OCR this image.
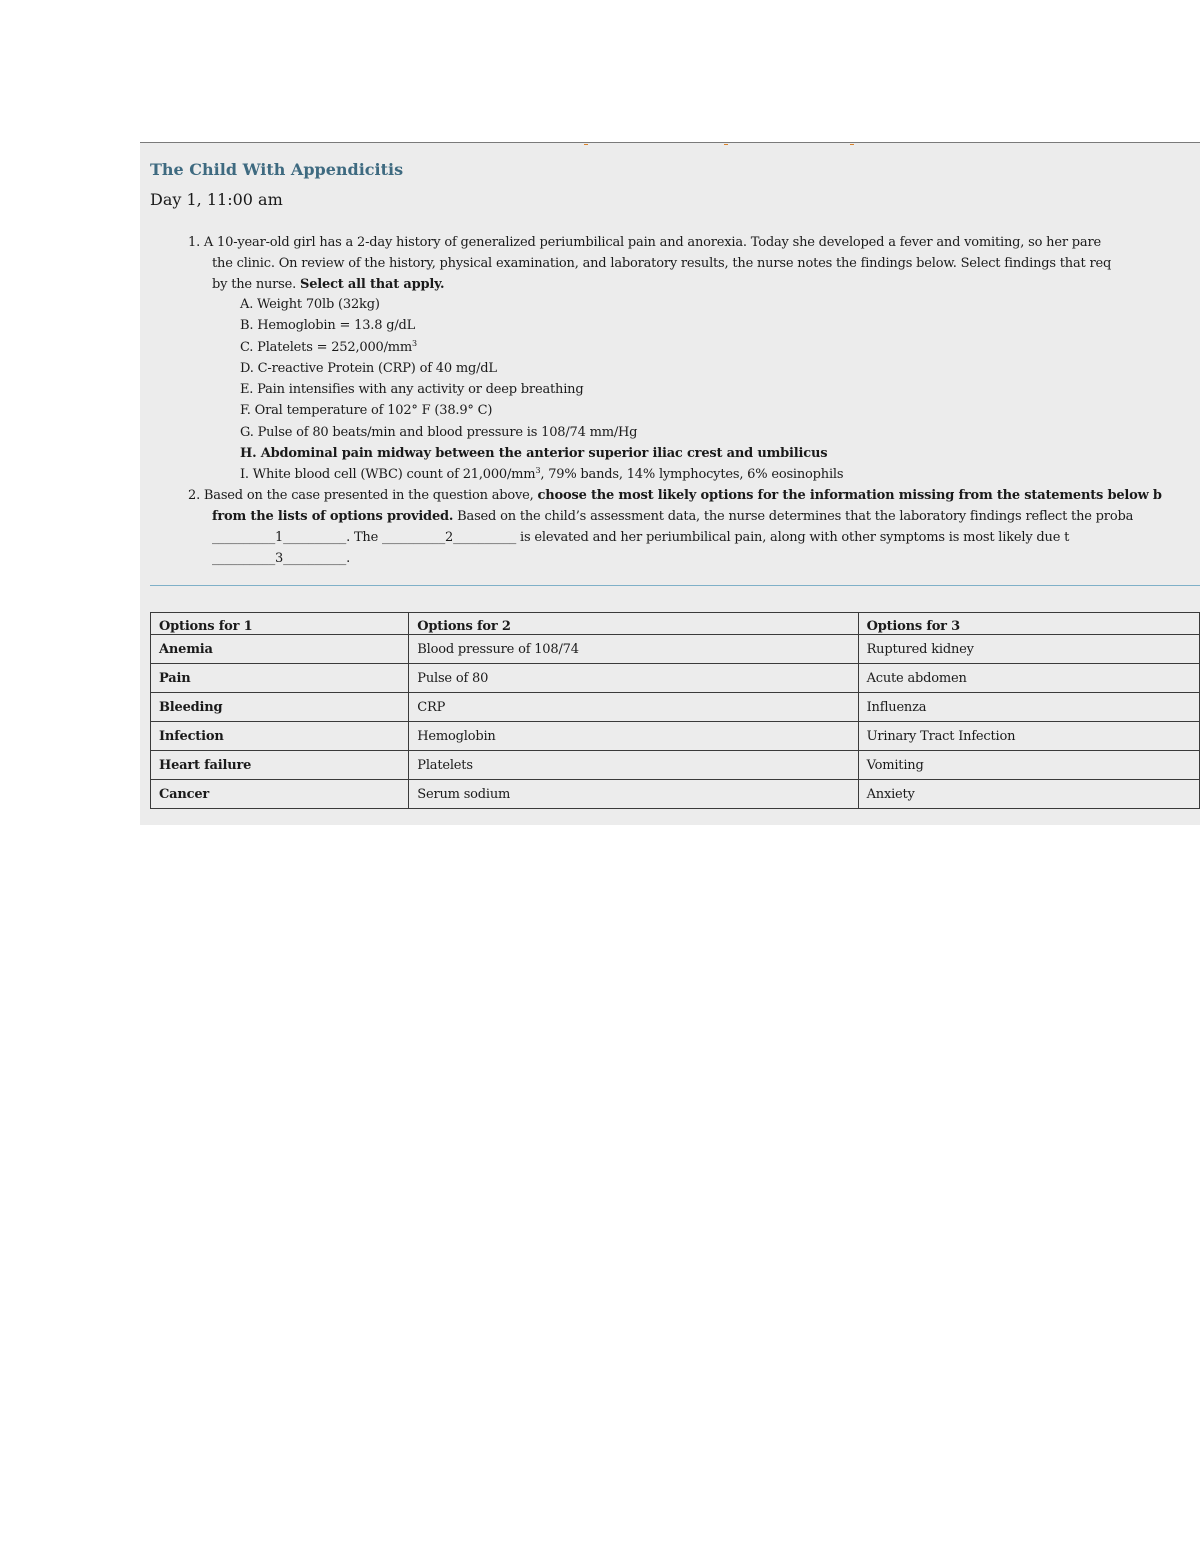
The Child With Appendicitis
Day 1, 11:00 am
1. A 10-year-old girl has a 2-day history of generalized periumbilical pain and anorexia. Today she developed a fever and vomiting, so her pare
the clinic. On review of the history, physical examination, and laboratory results, the nurse notes the findings below. Select findings that req
by the nurse. Select all that apply.
A. Weight 70lb (32kg)
B. Hemoglobin = 13.8 g/dL
C. Platelets = $252,000/mm^3$
D. C-reactive Protein (CRP) of 40 mg/dL
E. Pain intensifies with any activity or deep breathing
F. Oral temperature of 102° F (38.9° C)
G. Pulse of 80 beats/min and blood pressure is 108/74 mm/Hg
H. Abdominal pain midway between the anterior superior iliac crest and umbilicus
I. White blood cell (WBC) count of $21,000/mm^3$, 79% bands, 14% lymphocytes, 6% eosinophils
2. Based on the case presented in the question above, choose the most likely options for the information missing from the statements below b
from the lists of options provided. Based on the child’s assessment data, the nurse determines that the laboratory findings reflect the proba
__________1__________. The __________2__________ is elevated and her periumbilical pain, along with other symptoms is most likely due t
__________3__________.
Options for 1	Options for 2	Options for 3
Anemia	Blood pressure of 108/74	Ruptured kidney
Pain	Pulse of 80	Acute abdomen
Bleeding	CRP	Influenza
Infection	Hemoglobin	Urinary Tract Infection
Heart failure	Platelets	Vomiting
Cancer	Serum sodium	Anxiety
